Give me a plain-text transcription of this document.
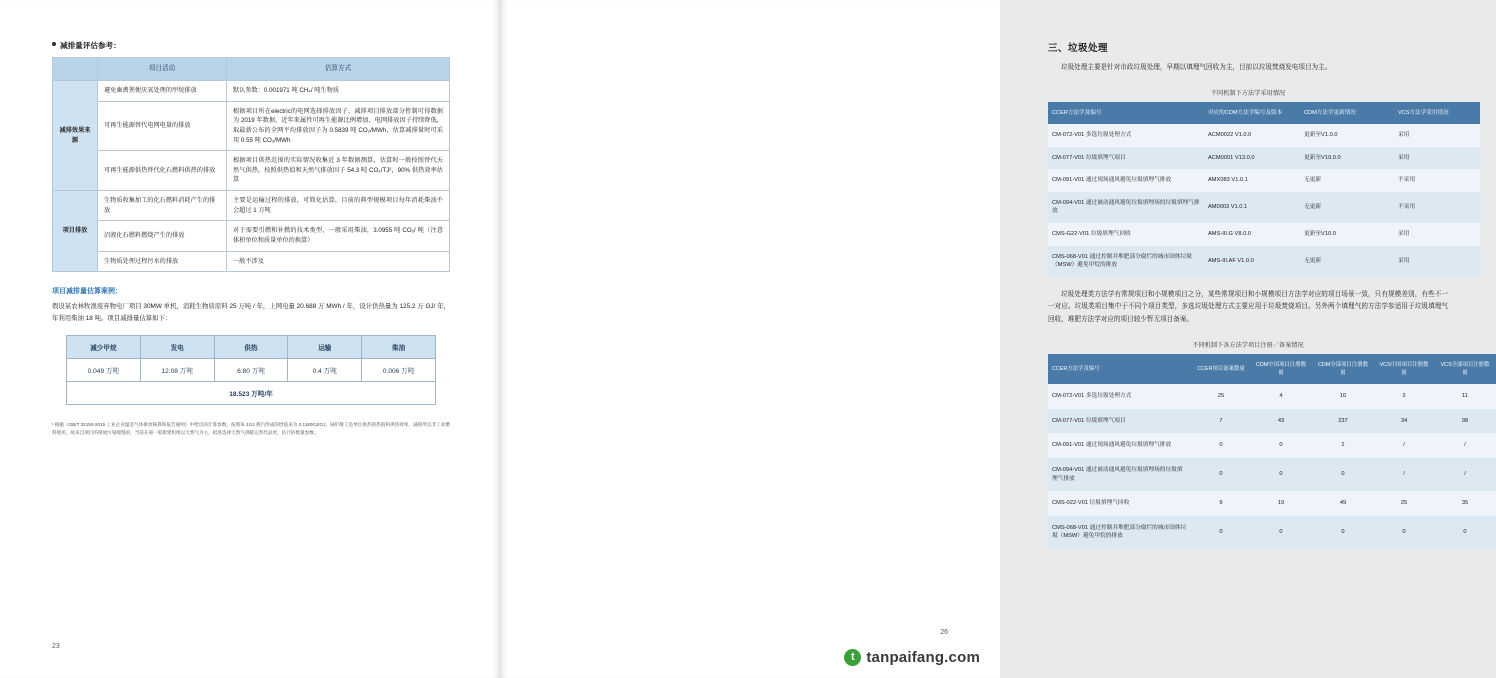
减排量评估参考：
	项目活动	估算方式
减排效果来源	避免畜禽粪便厌氧处理的甲烷排放	默认参数：0.001971 吨 CH₄/ 吨生物质
	可再生能源替代电网电量的排放	根据项目所在electric的电网选择排放因子，减排项目排放部分暂制可得数据为 2019 年数据，近年来属性可再生能源比例增加，电网排放因子持续降低，取最新公布的全网平均排放因子为 0.5839 吨 CO₂/MWh，估算减排量时可采用 0.55 吨 CO₂/MWh
	可再生能源供热替代化石燃料供热的排放	根据项目供热范围的实际情况收集近 3 年数据测算，估算时一般按照替代天然气供热，按照供热值和天然气排放因子 54.3 吨 CO₂/TJ²，90% 供热效率估算
项目排放	生物质收集加工的化石燃料消耗产生的排放	主要是运输过程的排放，可简化估算，目前的典型规模项目每年消耗柴油不会超过 1 万吨
	沼液化石燃料燃烧产生的排放	对于需要引燃和补燃的技术类型，一般采用柴油，3.0955 吨 CO₂/ 吨（注意体积单位和质量单位的换算）
	生物质处理过程污水的排放	一般不涉及
项目减排量估算案例：
假设某农林牧渔废弃物电厂项目 30MW 单机，消耗生物质原料 25 万吨 / 年，上网电量 20.688 万 MWh / 年，设计供热量为 125.2 万 GJ/ 年，年利用柴油 18 吨。项目减排量估算如下：
减少甲烷	发电	供热	运输	柴油
0.049 万吨	12.08 万吨	6.80 万吨	0.4 万吨	0.006 万吨
18.523 万吨/年				
¹ 根据《GB/T 32150-2015 工业企业温室气体排放核算和报告通则》中给出的计算参数，按照每 1GJ 燕汽形成的焓值来为 0.1160GJ/GJ，锅炉散工是单位供热的热值和供热效率，减掉所以非工业燃料使用，故来自项目的排放污染缓慢的，当前在部一般新建机组以天然气为主，抵进选择天然气供暖完替代品更，估计的数量参数。
23
三、垃圾处理
垃圾处理主要是针对市政垃圾处理，早期以填埋气回收为主，目前以垃圾焚烧发电项目为主。
不同机制下方法学采用情况
CCER方法学及编号	对应的CDM方法学编号及版本	CDM方法学更新情况	VCS方法学采用情况
CM-072-V01 多选垃圾处理方式	ACM0022 V1.0.0	更新至V1.0.0	采用
CM-077-V01 垃圾填埋气项目	ACM0001 V13.0.0	更新至V19.0.0	采用
CM-091-V01 通过现场通风避免垃圾填埋气排放	AMX083 V1.0.1	无更新	不采用
CM-094-V01 通过被动通风避免垃圾填埋场的垃圾填埋气排放	AM0003 V1.0.1	无更新	不采用
CMS-G22-V01 垃圾填埋气回收	AMS-III.G V8.0.0	更新至V10.0	采用
CMS-068-V01 通过控制并堆肥部分腐烂的城市固体垃圾（MSW）避免甲烷的排放	AMS-III.AF V1.0.0	无更新	采用
垃圾处理类方法学有常规项目和小规模项目之分，某些常规项目和小规模项目方法学对应的项目场景一致，只有规模差别，有些不一一对应。垃圾类项目集中于不同个项目类型，多选垃圾处理方式主要应用于垃圾焚烧项目。另外两个填埋气的方法学参适用于垃圾填埋气回收，堆肥方法学对应的项目较少暂无项目备案。
不同机制下各方法学项目注册／备案情况
CCER方法学及编号	CCER项目备案数量	CDM中国项目注册数量	CDM全部项目注册数量	VCS中国项目注册数量	VCS全部项目注册数量
CM-072-V01 多选垃圾处理方式	25	4	10	3	11
CM-077-V01 垃圾填埋气项目	7	43	237	34	98
CM-091-V01 通过现场通风避免垃圾填埋气排放	0	0	1	/	/
CM-094-V01 通过被动通风避免垃圾填埋场的垃圾填埋气排放	0	0	0	/	/
CMS-022-V01 垃圾填埋气回收	9	19	49	25	35
CMS-068-V01 通过控制并堆肥部分腐烂的城市固体垃圾（MSW）避免甲烷的排放	0	0	0	0	0
26
t tanpaifang.com
